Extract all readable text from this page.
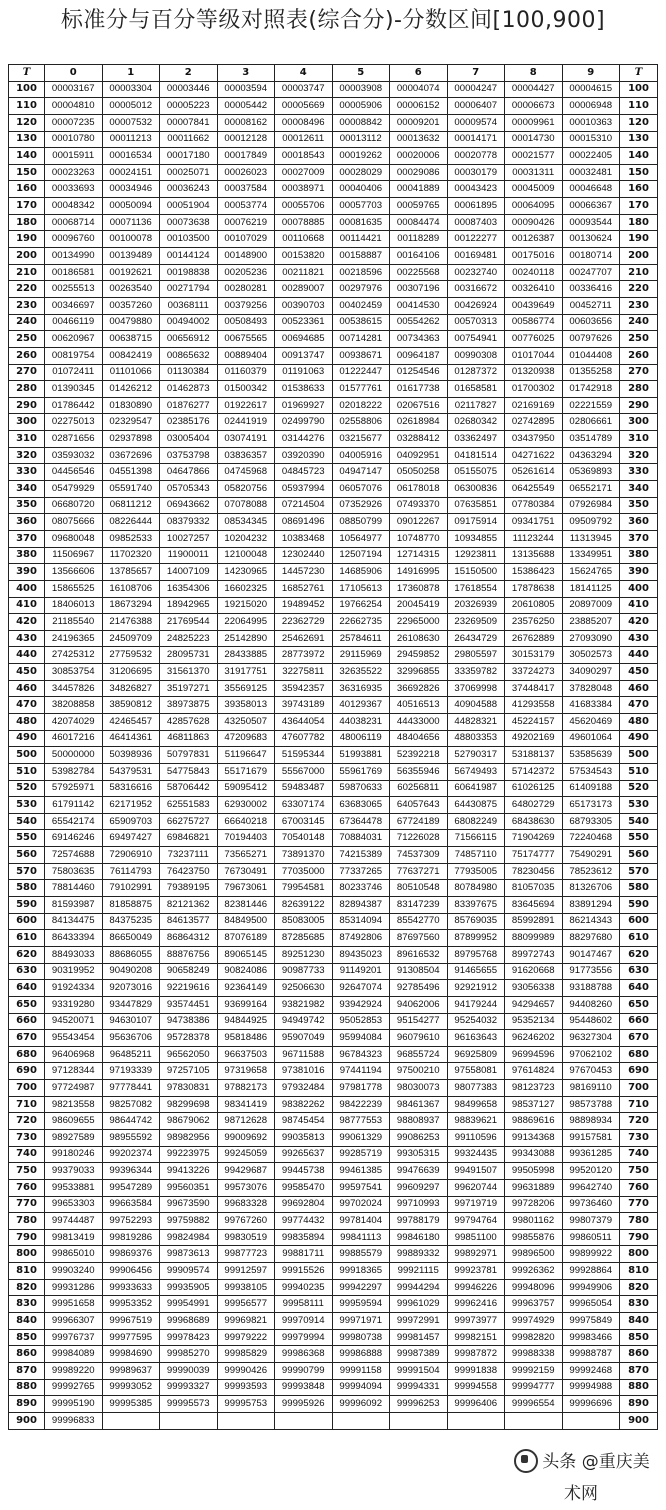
标准分与百分等级对照表(综合分)-分数区间[100,900]
T	0	1	2	3	4	5	6	7	8	9	T
100	00003167	00003304	00003446	00003594	00003747	00003908	00004074	00004247	00004427	00004615	100
110	00004810	00005012	00005223	00005442	00005669	00005906	00006152	00006407	00006673	00006948	110
120	00007235	00007532	00007841	00008162	00008496	00008842	00009201	00009574	00009961	00010363	120
130	00010780	00011213	00011662	00012128	00012611	00013112	00013632	00014171	00014730	00015310	130
140	00015911	00016534	00017180	00017849	00018543	00019262	00020006	00020778	00021577	00022405	140
150	00023263	00024151	00025071	00026023	00027009	00028029	00029086	00030179	00031311	00032481	150
160	00033693	00034946	00036243	00037584	00038971	00040406	00041889	00043423	00045009	00046648	160
170	00048342	00050094	00051904	00053774	00055706	00057703	00059765	00061895	00064095	00066367	170
180	00068714	00071136	00073638	00076219	00078885	00081635	00084474	00087403	00090426	00093544	180
190	00096760	00100078	00103500	00107029	00110668	00114421	00118289	00122277	00126387	00130624	190
200	00134990	00139489	00144124	00148900	00153820	00158887	00164106	00169481	00175016	00180714	200
210	00186581	00192621	00198838	00205236	00211821	00218596	00225568	00232740	00240118	00247707	210
220	00255513	00263540	00271794	00280281	00289007	00297976	00307196	00316672	00326410	00336416	220
230	00346697	00357260	00368111	00379256	00390703	00402459	00414530	00426924	00439649	00452711	230
240	00466119	00479880	00494002	00508493	00523361	00538615	00554262	00570313	00586774	00603656	240
250	00620967	00638715	00656912	00675565	00694685	00714281	00734363	00754941	00776025	00797626	250
260	00819754	00842419	00865632	00889404	00913747	00938671	00964187	00990308	01017044	01044408	260
270	01072411	01101066	01130384	01160379	01191063	01222447	01254546	01287372	01320938	01355258	270
280	01390345	01426212	01462873	01500342	01538633	01577761	01617738	01658581	01700302	01742918	280
290	01786442	01830890	01876277	01922617	01969927	02018222	02067516	02117827	02169169	02221559	290
300	02275013	02329547	02385176	02441919	02499790	02558806	02618984	02680342	02742895	02806661	300
310	02871656	02937898	03005404	03074191	03144276	03215677	03288412	03362497	03437950	03514789	310
320	03593032	03672696	03753798	03836357	03920390	04005916	04092951	04181514	04271622	04363294	320
330	04456546	04551398	04647866	04745968	04845723	04947147	05050258	05155075	05261614	05369893	330
340	05479929	05591740	05705343	05820756	05937994	06057076	06178018	06300836	06425549	06552171	340
350	06680720	06811212	06943662	07078088	07214504	07352926	07493370	07635851	07780384	07926984	350
360	08075666	08226444	08379332	08534345	08691496	08850799	09012267	09175914	09341751	09509792	360
370	09680048	09852533	10027257	10204232	10383468	10564977	10748770	10934855	11123244	11313945	370
380	11506967	11702320	11900011	12100048	12302440	12507194	12714315	12923811	13135688	13349951	380
390	13566606	13785657	14007109	14230965	14457230	14685906	14916995	15150500	15386423	15624765	390
400	15865525	16108706	16354306	16602325	16852761	17105613	17360878	17618554	17878638	18141125	400
410	18406013	18673294	18942965	19215020	19489452	19766254	20045419	20326939	20610805	20897009	410
420	21185540	21476388	21769544	22064995	22362729	22662735	22965000	23269509	23576250	23885207	420
430	24196365	24509709	24825223	25142890	25462691	25784611	26108630	26434729	26762889	27093090	430
440	27425312	27759532	28095731	28433885	28773972	29115969	29459852	29805597	30153179	30502573	440
450	30853754	31206695	31561370	31917751	32275811	32635522	32996855	33359782	33724273	34090297	450
460	34457826	34826827	35197271	35569125	35942357	36316935	36692826	37069998	37448417	37828048	460
470	38208858	38590812	38973875	39358013	39743189	40129367	40516513	40904588	41293558	41683384	470
480	42074029	42465457	42857628	43250507	43644054	44038231	44433000	44828321	45224157	45620469	480
490	46017216	46414361	46811863	47209683	47607782	48006119	48404656	48803353	49202169	49601064	490
500	50000000	50398936	50797831	51196647	51595344	51993881	52392218	52790317	53188137	53585639	500
510	53982784	54379531	54775843	55171679	55567000	55961769	56355946	56749493	57142372	57534543	510
520	57925971	58316616	58706442	59095412	59483487	59870633	60256811	60641987	61026125	61409188	520
530	61791142	62171952	62551583	62930002	63307174	63683065	64057643	64430875	64802729	65173173	530
540	65542174	65909703	66275727	66640218	67003145	67364478	67724189	68082249	68438630	68793305	540
550	69146246	69497427	69846821	70194403	70540148	70884031	71226028	71566115	71904269	72240468	550
560	72574688	72906910	73237111	73565271	73891370	74215389	74537309	74857110	75174777	75490291	560
570	75803635	76114793	76423750	76730491	77035000	77337265	77637271	77935005	78230456	78523612	570
580	78814460	79102991	79389195	79673061	79954581	80233746	80510548	80784980	81057035	81326706	580
590	81593987	81858875	82121362	82381446	82639122	82894387	83147239	83397675	83645694	83891294	590
600	84134475	84375235	84613577	84849500	85083005	85314094	85542770	85769035	85992891	86214343	600
610	86433394	86650049	86864312	87076189	87285685	87492806	87697560	87899952	88099989	88297680	610
620	88493033	88686055	88876756	89065145	89251230	89435023	89616532	89795768	89972743	90147467	620
630	90319952	90490208	90658249	90824086	90987733	91149201	91308504	91465655	91620668	91773556	630
640	91924334	92073016	92219616	92364149	92506630	92647074	92785496	92921912	93056338	93188788	640
650	93319280	93447829	93574451	93699164	93821982	93942924	94062006	94179244	94294657	94408260	650
660	94520071	94630107	94738386	94844925	94949742	95052853	95154277	95254032	95352134	95448602	660
670	95543454	95636706	95728378	95818486	95907049	95994084	96079610	96163643	96246202	96327304	670
680	96406968	96485211	96562050	96637503	96711588	96784323	96855724	96925809	96994596	97062102	680
690	97128344	97193339	97257105	97319658	97381016	97441194	97500210	97558081	97614824	97670453	690
700	97724987	97778441	97830831	97882173	97932484	97981778	98030073	98077383	98123723	98169110	700
710	98213558	98257082	98299698	98341419	98382262	98422239	98461367	98499658	98537127	98573788	710
720	98609655	98644742	98679062	98712628	98745454	98777553	98808937	98839621	98869616	98898934	720
730	98927589	98955592	98982956	99009692	99035813	99061329	99086253	99110596	99134368	99157581	730
740	99180246	99202374	99223975	99245059	99265637	99285719	99305315	99324435	99343088	99361285	740
750	99379033	99396344	99413226	99429687	99445738	99461385	99476639	99491507	99505998	99520120	750
760	99533881	99547289	99560351	99573076	99585470	99597541	99609297	99620744	99631889	99642740	760
770	99653303	99663584	99673590	99683328	99692804	99702024	99710993	99719719	99728206	99736460	770
780	99744487	99752293	99759882	99767260	99774432	99781404	99788179	99794764	99801162	99807379	780
790	99813419	99819286	99824984	99830519	99835894	99841113	99846180	99851100	99855876	99860511	790
800	99865010	99869376	99873613	99877723	99881711	99885579	99889332	99892971	99896500	99899922	800
810	99903240	99906456	99909574	99912597	99915526	99918365	99921115	99923781	99926362	99928864	810
820	99931286	99933633	99935905	99938105	99940235	99942297	99944294	99946226	99948096	99949906	820
830	99951658	99953352	99954991	99956577	99958111	99959594	99961029	99962416	99963757	99965054	830
840	99966307	99967519	99968689	99969821	99970914	99971971	99972991	99973977	99974929	99975849	840
850	99976737	99977595	99978423	99979222	99979994	99980738	99981457	99982151	99982820	99983466	850
860	99984089	99984690	99985270	99985829	99986368	99986888	99987389	99987872	99988338	99988787	860
870	99989220	99989637	99990039	99990426	99990799	99991158	99991504	99991838	99992159	99992468	870
880	99992765	99993052	99993327	99993593	99993848	99994094	99994331	99994558	99994777	99994988	880
890	99995190	99995385	99995573	99995753	99995926	99996092	99996253	99996406	99996554	99996696	890
900	99996833										900
头条 @重庆美术网
